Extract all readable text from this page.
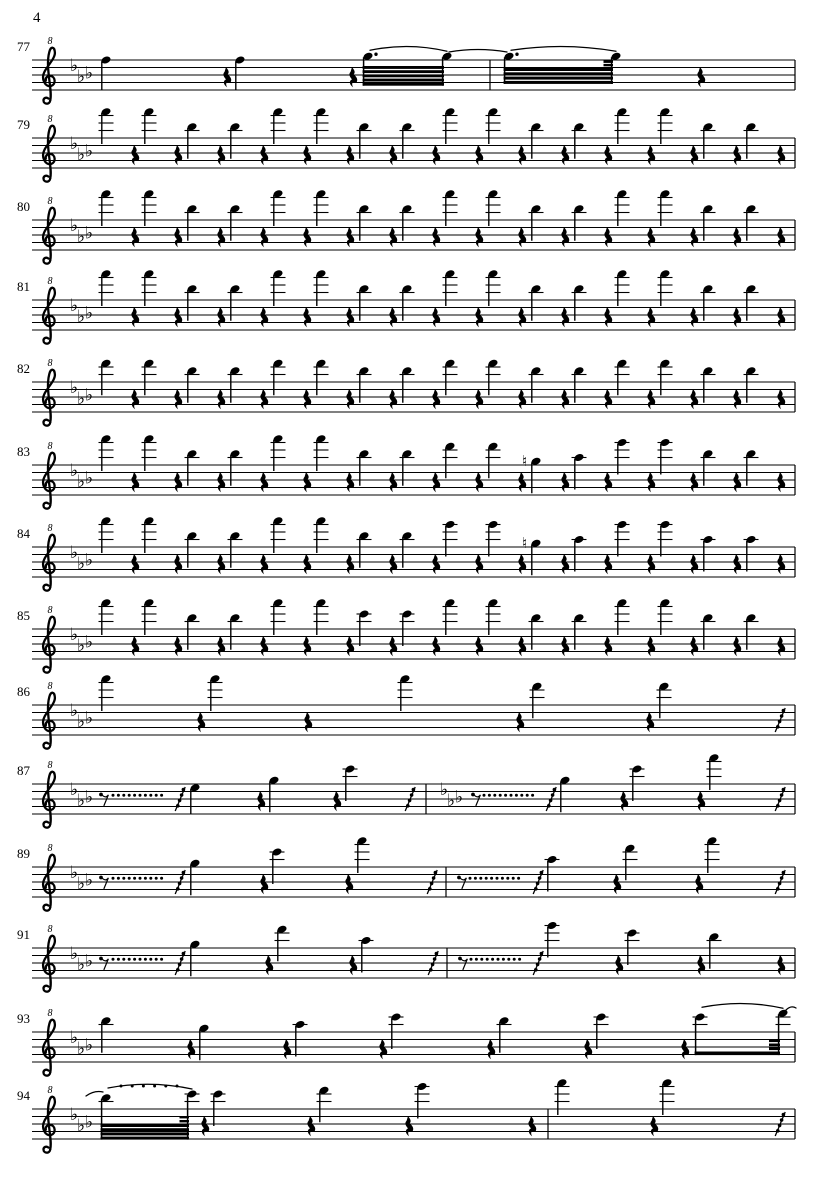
77 8
♭
♭ ♭
79 8
♭
♭ ♭
80 8
♭
♭ ♭
81 8
♭
♭ ♭
82 8
♭
♭ ♭
83 8
♭
♭ ♭
♮
84 8
♭
♭ ♭
♮
85 8
♭
♭ ♭
86 8
♭
♭ ♭
87 8
♭
♭ ♭	♭
♭ ♭
89 8
♭
♭ ♭
91 8
♭
♭ ♭
93 8
♭
♭ ♭
94 8
♭
♭ ♭
4
